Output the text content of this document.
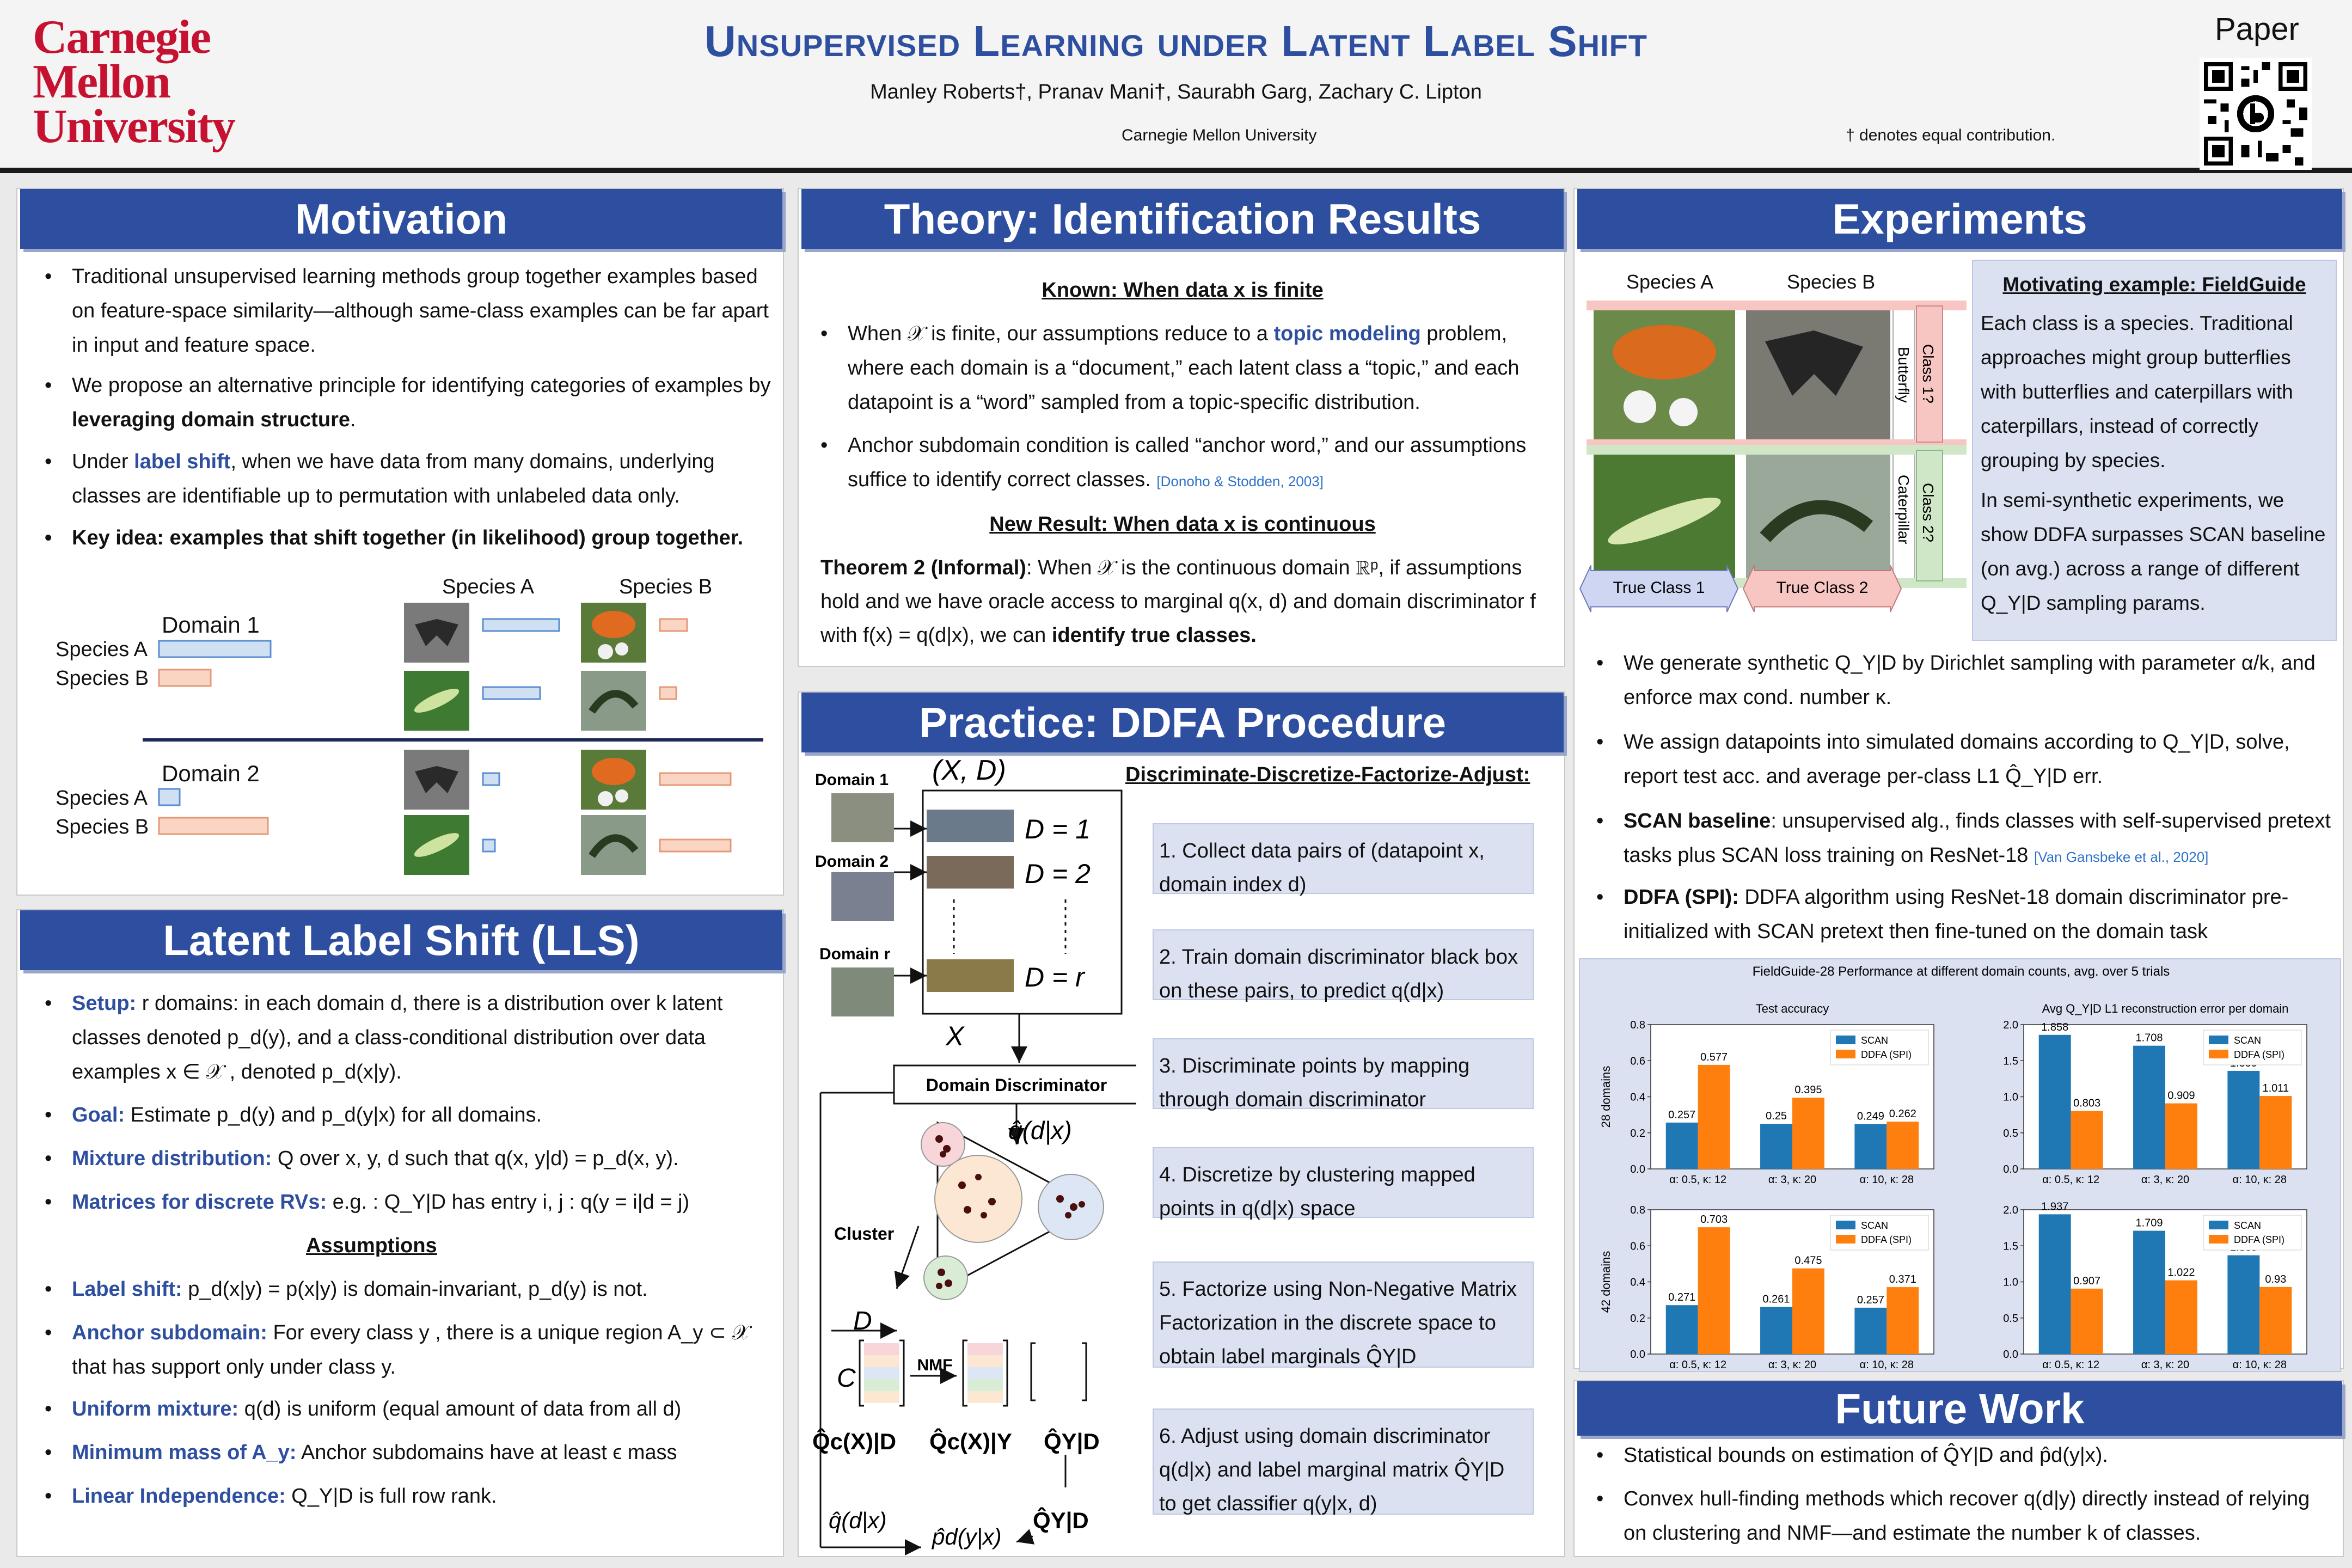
Carnegie
Mellon
University
Unsupervised Learning under Latent Label Shift
Manley Roberts†, Pranav Mani†, Saurabh Garg, Zachary C. Lipton
Carnegie Mellon University	† denotes equal contribution.
Paper
Motivation
• Traditional unsupervised learning methods group together examples based on feature-space similarity—although same-class examples can be far apart in input and feature space.
• We propose an alternative principle for identifying categories of examples by leveraging domain structure.
• Under label shift, when we have data from many domains, underlying classes are identifiable up to permutation with unlabeled data only.
• Key idea: examples that shift together (in likelihood) group together.
Species A	Species B
Domain 1
Species A
Species B
Domain 2
Species A
Species B
Latent Label Shift (LLS)
• Setup: r domains: in each domain d, there is a distribution over k latent classes denoted p_d(y), and a class-conditional distribution over data examples x ∈ 𝒳 , denoted p_d(x|y).
• Goal: Estimate p_d(y) and p_d(y|x) for all domains.
• Mixture distribution: Q over x, y, d such that q(x, y|d) = p_d(x, y).
• Matrices for discrete RVs: e.g. : Q_Y|D has entry i, j : q(y = i|d = j)
Assumptions
• Label shift: p_d(x|y) = p(x|y) is domain-invariant, p_d(y) is not.
• Anchor subdomain: For every class y , there is a unique region A_y ⊂ 𝒳 that has support only under class y.
• Uniform mixture: q(d) is uniform (equal amount of data from all d)
• Minimum mass of A_y: Anchor subdomains have at least ϵ mass
• Linear Independence: Q_Y|D is full row rank.
Theory: Identification Results
Known: When data x is finite
• When 𝒳 is finite, our assumptions reduce to a topic modeling problem, where each domain is a “document,” each latent class a “topic,” and each datapoint is a “word” sampled from a topic-specific distribution.
• Anchor subdomain condition is called “anchor word,” and our assumptions suffice to identify correct classes. [Donoho & Stodden, 2003]
New Result: When data x is continuous
Theorem 2 (Informal): When 𝒳 is the continuous domain ℝᵖ, if assumptions hold and we have oracle access to marginal q(x, d) and domain discriminator f with f(x) = q(d|x), we can identify true classes.
Practice: DDFA Procedure
Discriminate-Discretize-Factorize-Adjust:
Domain 1
Domain 2
Domain r
(X, D)
D = 1
D = 2
D = r
X
Domain Discriminator
q̂(d|x)
Cluster
D
C	NMF
Q̂c(X)|D Q̂c(X)|Y Q̂Y|D
q̂(d|x)
p̂d(y|x)
Q̂Y|D
1. Collect data pairs of (datapoint x, domain index d)
2. Train domain discriminator black box on these pairs, to predict q(d|x)
3. Discriminate points by mapping through domain discriminator
4. Discretize by clustering mapped points in q(d|x) space
5. Factorize using Non-Negative Matrix Factorization in the discrete space to obtain label marginals Q̂Y|D
6. Adjust using domain discriminator q(d|x) and label marginal matrix Q̂Y|D to get classifier q(y|x, d)
Experiments
Species A	Species B
Butterfly
Caterpillar
Class 1?
Class 2?
True Class 1	True Class 2
Motivating example: FieldGuide
Each class is a species. Traditional approaches might group butterflies with butterflies and caterpillars with caterpillars, instead of correctly grouping by species.
In semi-synthetic experiments, we show DDFA surpasses SCAN baseline (on avg.) across a range of different Q_Y|D sampling params.
• We generate synthetic Q_Y|D by Dirichlet sampling with parameter α/k, and enforce max cond. number κ.
• We assign datapoints into simulated domains according to Q_Y|D, solve, report test acc. and average per-class L1 Q̂_Y|D err.
• SCAN baseline: unsupervised alg., finds classes with self-supervised pretext tasks plus SCAN loss training on ResNet-18 [Van Gansbeke et al., 2020]
• DDFA (SPI): DDFA algorithm using ResNet-18 domain discriminator pre-initialized with SCAN pretext then fine-tuned on the domain task
FieldGuide-28 Performance at different domain counts, avg. over 5 trials
Test accuracy
28 domains
0.0
0.2
0.4
0.6
0.8
α: 0.5, κ: 12
0.257
0.577
α: 3, κ: 20
0.25
0.395
α: 10, κ: 28
0.249 0.262
SCAN
DDFA (SPI)
Avg Q_Y|D L1 reconstruction error per domain
0.0
0.5
1.0
1.5
2.0
α: 0.5, κ: 12
1.858
0.803
α: 3, κ: 20
1.708
0.909
α: 10, κ: 28
1.011
SCAN
DDFA (SPI)
42 domains
0.0
0.2
0.4
0.6
0.8
α: 0.5, κ: 12
0.271
0.703
α: 3, κ: 20
0.261
0.475
α: 10, κ: 28
0.257
0.371
SCAN
DDFA (SPI)
0.0
0.5
1.0
1.5
2.0
α: 0.5, κ: 12
1.937
0.907
α: 3, κ: 20
1.709
1.022
α: 10, κ: 28
0.93
SCAN
DDFA (SPI)
Future Work
• Statistical bounds on estimation of Q̂Y|D and p̂d(y|x).
• Convex hull-finding methods which recover q(d|y) directly instead of relying on clustering and NMF—and estimate the number k of classes.
